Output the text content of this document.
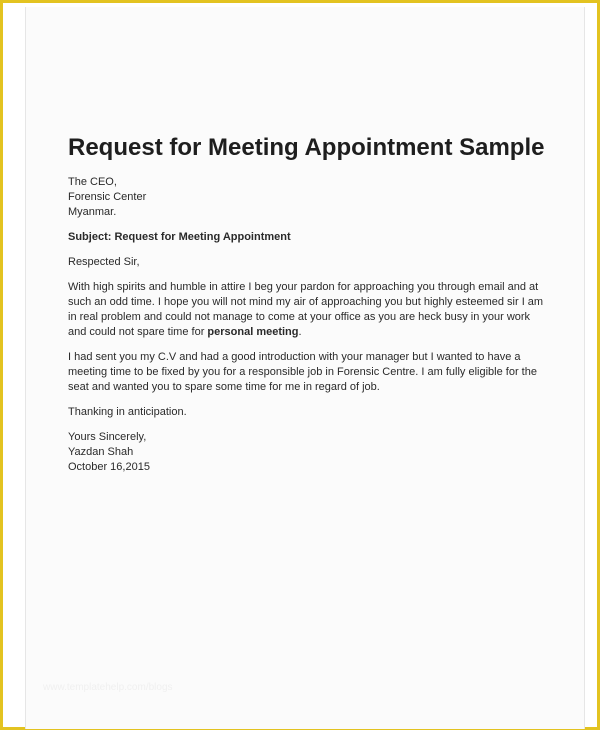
Request for Meeting Appointment Sample
The CEO,
Forensic Center
Myanmar.

Subject: Request for Meeting Appointment

Respected Sir,

With high spirits and humble in attire I beg your pardon for approaching you through email and at such an odd time. I hope you will not mind my air of approaching you but highly esteemed sir I am in real problem and could not manage to come at your office as you are heck busy in your work and could not spare time for personal meeting.

I had sent you my C.V and had a good introduction with your manager but I wanted to have a meeting time to be fixed by you for a responsible job in Forensic Centre. I am fully eligible for the seat and wanted you to spare some time for me in regard of job.

Thanking in anticipation.

Yours Sincerely,
Yazdan Shah
October 16,2015
www.templatehelp.com/blogs
